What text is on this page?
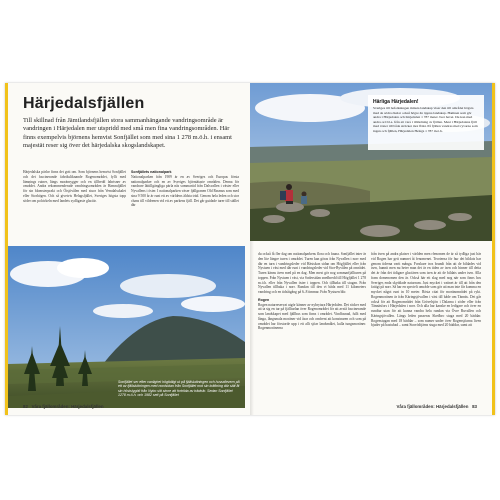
Härjedalsfjällen

Till skillnad från Jämtlandsfjällen stora sammanhängande vandringsområde är vandringen i Härjedalen mer utspridd med små men fina vandringsområden. Här finns exempelvis björnens hemvist Sonfjället som med sina 1 278 m.ö.h. i ensamt majestät reser sig över det härjedalska skogslandskapet.

Härjedalska pärlor finns det gott om. Som björnens hemvist Sonfjället och det fascinerande fabriksliknande Rogenområdet, fyllt med lämnings ruiner, längs moränrygger och en tillfredd fabrisner av området. Andra rekommenderade vandringsområden är Hamrafjället för sin blomsterprakt och Ötsjövålen med stuor från Vemdalsskalet eller Storhögen. Och så givetvis Helagsfjället, Sveriges högsta topp söder om polcirkeln med landets sydligaste glaciär.

Sonfjällets nationalpark
Nationalparken från 1909 är en av Sveriges och Europas första nationalparker och en av Sveriges björntätaste områden. Denna för vandrare lättillgängliga pärla nås sommartid från Dalsvallen i väster eller Nyvallens i öster. I nationalparken växer fjällgranen Old Rasmus som med sina 9 500 år är runt ett av världens äldsta träd. Genom hela leden och stor chans till vildrenen vid ett av parkens fjäll. Det går guidade turer till stället där

Sonfjället ser efter vanlighet högtidligt ut på fjällsluttningen och huvudlevern på ett av fjällsluttningen med nordsidan från Sonfjället mot sin kräftning där sätt åt sin höststygbit från Nybo sitt sinne att fortrilda av trädnär. Sedan Sonfjället 1278 m.ö.h. och 1982 sett på Sonfjället

Härliga Härjedalen!

Sveriges till befolkningen minsta landskap visar den till området högsta med de södra ökslar också högre än öppna landskap. Hamnen som gör andra i Härjedalen och härjedalen 1 787 meter över havet. Du kan med andra ord bl.a. från att vara i tilldelning av fjällen. Mest i Härjedalens fjäll med röster till både sträcker mot fläkt. På fjällen vandras med ryvarna som ingen och fjällen, Härjedalen Helags 1 787 m.ö.h.

du också få fler dag om nationalparkens flora och fauna. Sonfjället inter är den lite längre turen i området. Turen kan göras från Nyvallen i norr med där en turn i vandringsleder vid Hästskon sidan om Högfjället eller från Nystuen i väst med där runt i vandringsleder vid Stor-Byvålen på området. Turen känns även med på en dag. Men mest gör nog sommarfjällturen på toppen. Från Nystuen i väst, via Sodersidan snedbredd till Högfjället 1 278 m.ö.h. eller från Nyvallen öster i toppen. Och tillbaka till stugan. Från Nyvallen tillbaka i norr. Rundan till den vi båda med 11 kilometers vandring och en tidsåtgång på 6–8 timmar. Från Nystuen blir.
Rogen
Rogen naturreservat utgör känner av nybrytara Härjedalen. Det räcker med att ta sig en tur på fjällturlan över Rogenområdet för att avstå fascinerande som landskapet med fjällbus som finns i området. Vindfasnad, fullt med långa, långsmala moräner vid åsar och omfrent att konstnaren och som på området har förstorde upp i ett allt sjöar landsmålet, kalla tungsmoräner. Rogenmoränerna

från även på andra platser i världen men rfenomen de är så tydliga just här vid Rogen har gett namnet åt fenomenet. Teorierna för hur det bildats har genom tiderna varit många. Forskare tros brundt från att de bildades vid isen, hunnit men nu heter man det är en tiden av isen och hinner till detta det är från det tidigare glaciären som isen är att de bildats under isen. Alla fram domenomen den är. Också här ett slag med nog när som finns hos Sveriges enda skyddade naturrum. Just mycket i vattnet är till att från den fattigt på norr. Så har en specielt område som gör att man inte får komma en mycket något runt in 10 meter. Rösta citat för moränområdet på rykt. Rogenmoränen är från Käringsjövallen i väst till både om Tännäs. Det går också för att Rogenområdet från Grövelsjön i Dalarna i söder eller från Tännäsfors i Härjedalen i norr. Och alla har kanske en ledigare och över en rundtur utan för att kunna vandra hela rundan via Övre Ruvallen och Käringsjövallen. Längs leden passeras Skedbro stuga med 20 bäddar. Rogenstugan med 18 bäddar – som numer under över Rogensjöarna liven bjuder på bastubad – samt Storrödtjärns stuga med 20 bäddar, samt att

82 Våra fjällområden: Härjedalsfjällen	Våra fjällområden: Härjedalsfjällen 83
